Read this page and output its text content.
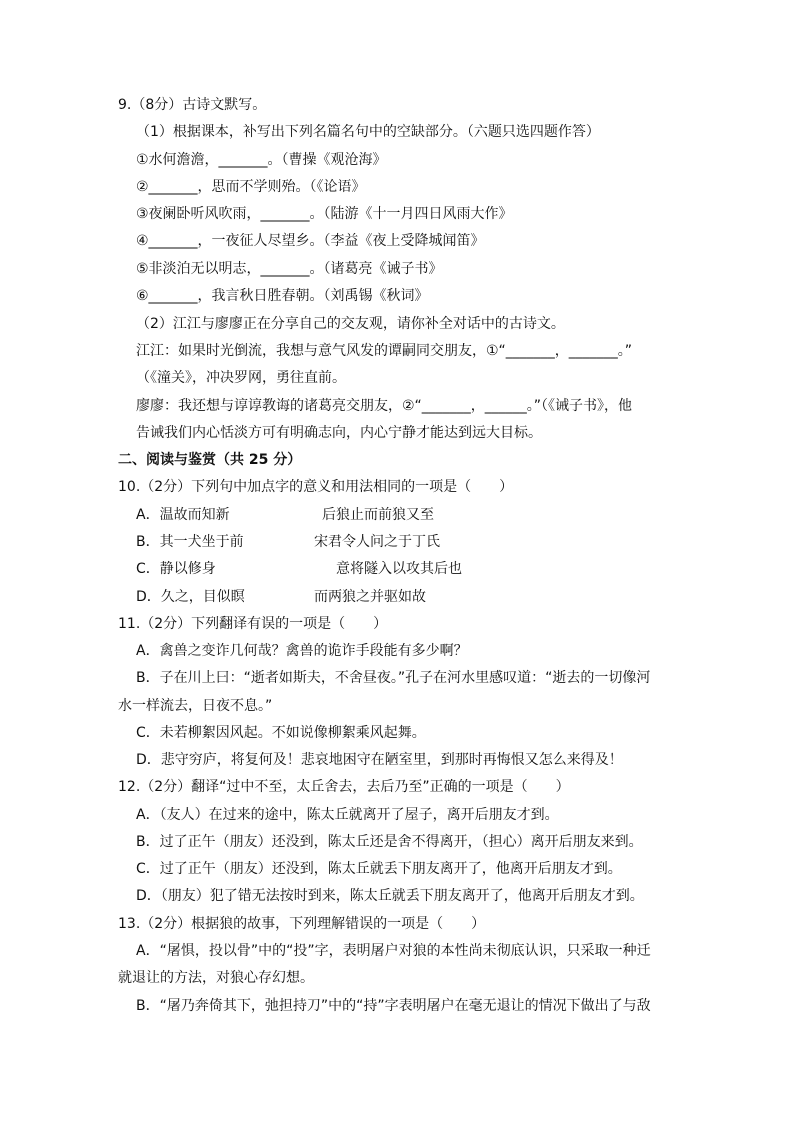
9.（8分）古诗文默写。
（1）根据课本，补写出下列名篇名句中的空缺部分。（六题只选四题作答）
①水何澹澹，_______。（曹操《观沧海》
②_______，思而不学则殆。（《论语》
③夜阑卧听风吹雨，_______。（陆游《十一月四日风雨大作》
④_______，一夜征人尽望乡。（李益《夜上受降城闻笛》
⑤非淡泊无以明志，_______。（诸葛亮《诫子书》
⑥_______，我言秋日胜春朝。（刘禹锡《秋词》
（2）江江与廖廖正在分享自己的交友观，请你补全对话中的古诗文。
江江：如果时光倒流，我想与意气风发的谭嗣同交朋友，①“_______，_______。”
（《潼关》，冲决罗网，勇往直前。
廖廖：我还想与谆谆教诲的诸葛亮交朋友，②“_______，______。”（《诫子书》，他
告诫我们内心恬淡方可有明确志向，内心宁静才能达到远大目标。
二、阅读与鉴赏（共 25 分）
10.（2分）下列句中加点字的意义和用法相同的一项是（　　）
A．温故而知新	后狼止而前狼又至
B．其一犬坐于前	宋君令人问之于丁氏
C．静以修身	意将隧入以攻其后也
D．久之，目似瞑	而两狼之并驱如故
11.（2分）下列翻译有误的一项是（　　）
A．禽兽之变诈几何哉？禽兽的诡诈手段能有多少啊？
B．子在川上曰：“逝者如斯夫，不舍昼夜。”孔子在河水里感叹道：“逝去的一切像河
水一样流去，日夜不息。”
C．未若柳絮因风起。不如说像柳絮乘风起舞。
D．悲守穷庐，将复何及！悲哀地困守在陋室里，到那时再悔恨又怎么来得及！
12.（2分）翻译“过中不至，太丘舍去，去后乃至”正确的一项是（　　）
A．（友人）在过来的途中，陈太丘就离开了屋子，离开后朋友才到。
B．过了正午（朋友）还没到，陈太丘还是舍不得离开，（担心）离开后朋友来到。
C．过了正午（朋友）还没到，陈太丘就丢下朋友离开了，他离开后朋友才到。
D．（朋友）犯了错无法按时到来，陈太丘就丢下朋友离开了，他离开后朋友才到。
13.（2分）根据狼的故事，下列理解错误的一项是（　　）
A．“屠惧，投以骨”中的“投”字，表明屠户对狼的本性尚未彻底认识，只采取一种迁
就退让的方法，对狼心存幻想。
B．“屠乃奔倚其下，弛担持刀”中的“持”字表明屠户在毫无退让的情况下做出了与敌
